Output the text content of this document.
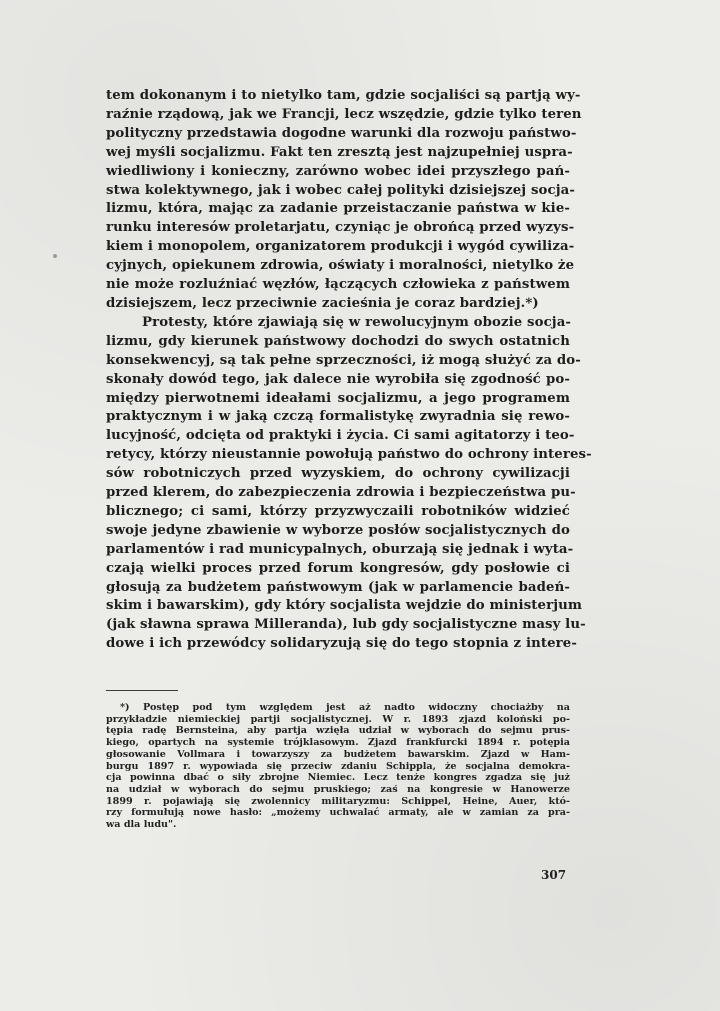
tem dokonanym i to nietylko tam, gdzie socjaliści są partją wy-
raźnie rządową, jak we Francji, lecz wszędzie, gdzie tylko teren
polityczny przedstawia dogodne warunki dla rozwoju państwo-
wej myśli socjalizmu. Fakt ten zresztą jest najzupełniej uspra-
wiedliwiony i konieczny, zarówno wobec idei przyszłego pań-
stwa kolektywnego, jak i wobec całej polityki dzisiejszej socja-
lizmu, która, mając za zadanie przeistaczanie państwa w kie-
runku interesów proletarjatu, czyniąc je obrońcą przed wyzys-
kiem i monopolem, organizatorem produkcji i wygód cywiliza-
cyjnych, opiekunem zdrowia, oświaty i moralności, nietylko że
nie może rozluźniać węzłów, łączących człowieka z państwem
dzisiejszem, lecz przeciwnie zacieśnia je coraz bardziej.*)

Protesty, które zjawiają się w rewolucyjnym obozie socja-
lizmu, gdy kierunek państwowy dochodzi do swych ostatnich
konsekwencyj, są tak pełne sprzeczności, iż mogą służyć za do-
skonały dowód tego, jak dalece nie wyrobiła się zgodność po-
między pierwotnemi ideałami socjalizmu, a jego programem
praktycznym i w jaką czczą formalistykę zwyradnia się rewo-
lucyjność, odcięta od praktyki i życia. Ci sami agitatorzy i teo-
retycy, którzy nieustannie powołują państwo do ochrony interes-
sów robotniczych przed wyzyskiem, do ochrony cywilizacji
przed klerem, do zabezpieczenia zdrowia i bezpieczeństwa pu-
blicznego; ci sami, którzy przyzwyczaili robotników widzieć
swoje jedyne zbawienie w wyborze posłów socjalistycznych do
parlamentów i rad municypalnych, oburzają się jednak i wyta-
czają wielki proces przed forum kongresów, gdy posłowie ci
głosują za budżetem państwowym (jak w parlamencie badeń-
skim i bawarskim), gdy który socjalista wejdzie do ministerjum
(jak sławna sprawa Milleranda), lub gdy socjalistyczne masy lu-
dowe i ich przewódcy solidaryzują się do tego stopnia z intere-

*) Postęp pod tym względem jest aż nadto widoczny chociażby na
przykładzie niemieckiej partji socjalistycznej. W r. 1893 zjazd koloński po-
tępia radę Bernsteina, aby partja wzięła udział w wyborach do sejmu prus-
kiego, opartych na systemie trójklasowym. Zjazd frankfurcki 1894 r. potępia
głosowanie Vollmara i towarzyszy za budżetem bawarskim. Zjazd w Ham-
burgu 1897 r. wypowiada się przeciw zdaniu Schippla, że socjalna demokra-
cja powinna dbać o siły zbrojne Niemiec. Lecz tenże kongres zgadza się już
na udział w wyborach do sejmu pruskiego; zaś na kongresie w Hanowerze
1899 r. pojawiają się zwolennicy militaryzmu: Schippel, Heine, Auer, któ-
rzy formułują nowe hasło: „możemy uchwalać armaty, ale w zamian za pra-
wa dla ludu".
307
